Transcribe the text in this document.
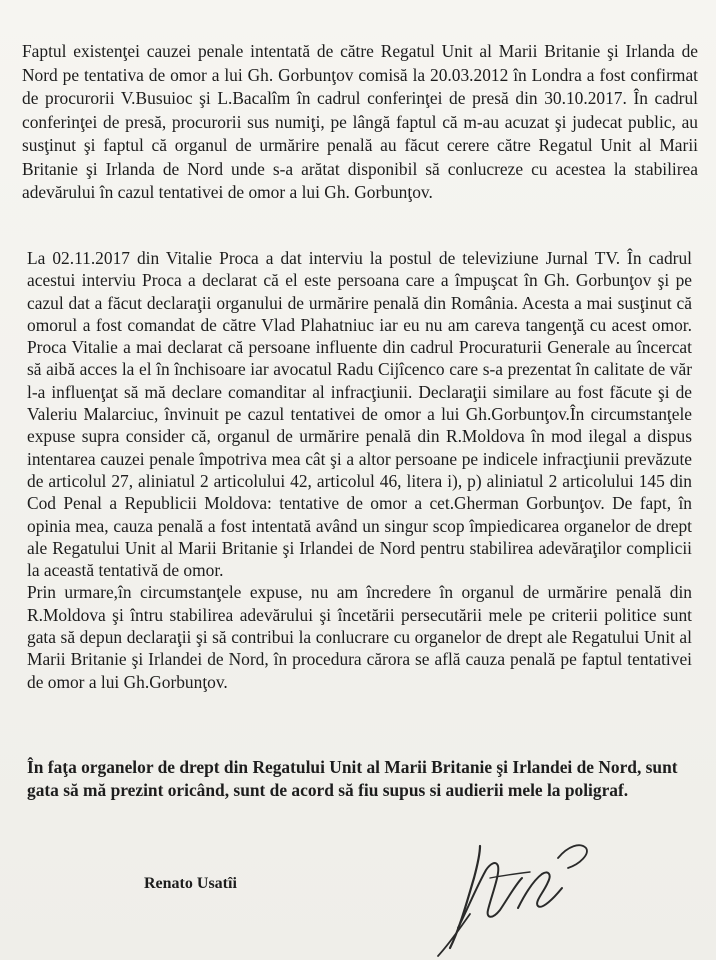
Faptul existenţei cauzei penale intentată de către Regatul Unit al Marii Britanie şi Irlanda de Nord pe tentativa de omor a lui Gh. Gorbunţov comisă la 20.03.2012 în Londra a fost confirmat de procurorii V.Busuioc şi L.Bacalîm în cadrul conferinţei de presă din 30.10.2017. În cadrul conferinţei de presă, procurorii sus numiţi, pe lângă faptul că m-au acuzat şi judecat public, au susţinut şi faptul că organul de urmărire penală au făcut cerere către Regatul Unit al Marii Britanie şi Irlanda de Nord unde s-a arătat disponibil să conlucreze cu acestea la stabilirea adevărului în cazul tentativei de omor a lui Gh. Gorbunţov.

La 02.11.2017 din Vitalie Proca a dat interviu la postul de televiziune Jurnal TV. În cadrul acestui interviu Proca a declarat că el este persoana care a împuşcat în Gh. Gorbunţov şi pe cazul dat a făcut declaraţii organului de urmărire penală din România. Acesta a mai susţinut că omorul a fost comandat de către Vlad Plahatniuc iar eu nu am careva tangenţă cu acest omor. Proca Vitalie a mai declarat că persoane influente din cadrul Procuraturii Generale au încercat să aibă acces la el în închisoare iar avocatul Radu Cijîcenco care s-a prezentat în calitate de văr l-a influenţat să mă declare comanditar al infracţiunii. Declaraţii similare au fost făcute şi de Valeriu Malarciuc, învinuit pe cazul tentativei de omor a lui Gh.Gorbunţov.În circumstanţele expuse supra consider că, organul de urmărire penală din R.Moldova în mod ilegal a dispus intentarea cauzei penale împotriva mea cât şi a altor persoane pe indicele infracţiunii prevăzute de articolul 27, aliniatul 2 articolului 42, articolul 46, litera i), p) aliniatul 2 articolului 145 din Cod Penal a Republicii Moldova: tentative de omor a cet.Gherman Gorbunţov. De fapt, în opinia mea, cauza penală a fost intentată având un singur scop împiedicarea organelor de drept ale Regatului Unit al Marii Britanie şi Irlandei de Nord pentru stabilirea adevăraţilor complicii la această tentativă de omor.
Prin urmare,în circumstanţele expuse, nu am încredere în organul de urmărire penală din R.Moldova şi întru stabilirea adevărului şi încetării persecutării mele pe criterii politice sunt gata să depun declaraţii şi să contribui la conlucrare cu organelor de drept ale Regatului Unit al Marii Britanie şi Irlandei de Nord, în procedura cărora se află cauza penală pe faptul tentativei de omor a lui Gh.Gorbunţov.

În faţa organelor de drept din Regatului Unit al Marii Britanie şi Irlandei de Nord, sunt gata să mă prezint oricând, sunt de acord să fiu supus si audierii mele la poligraf.

Renato Usatîi
